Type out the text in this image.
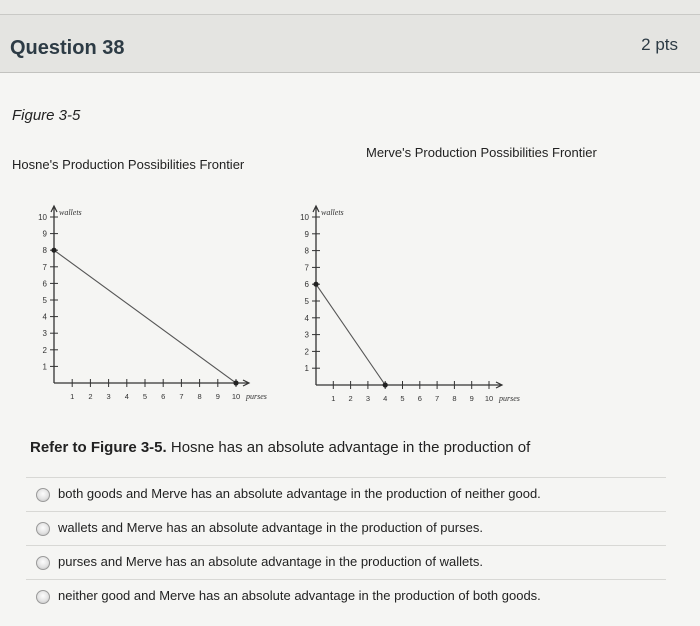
Question 38	2 pts
Figure 3-5
Hosne's Production Possibilities Frontier
Merve's Production Possibilities Frontier
1
2
3
4
5
6
7
8
9
10
1 2 3 4 5 6 7 8 9 10
wallets
purses
1
2
3
4
5
6
7
8
9
10
1 2 3 4 5 6 7 8 9 10
wallets
purses
Refer to Figure 3-5. Hosne has an absolute advantage in the production of
both goods and Merve has an absolute advantage in the production of neither good.
wallets and Merve has an absolute advantage in the production of purses.
purses and Merve has an absolute advantage in the production of wallets.
neither good and Merve has an absolute advantage in the production of both goods.
